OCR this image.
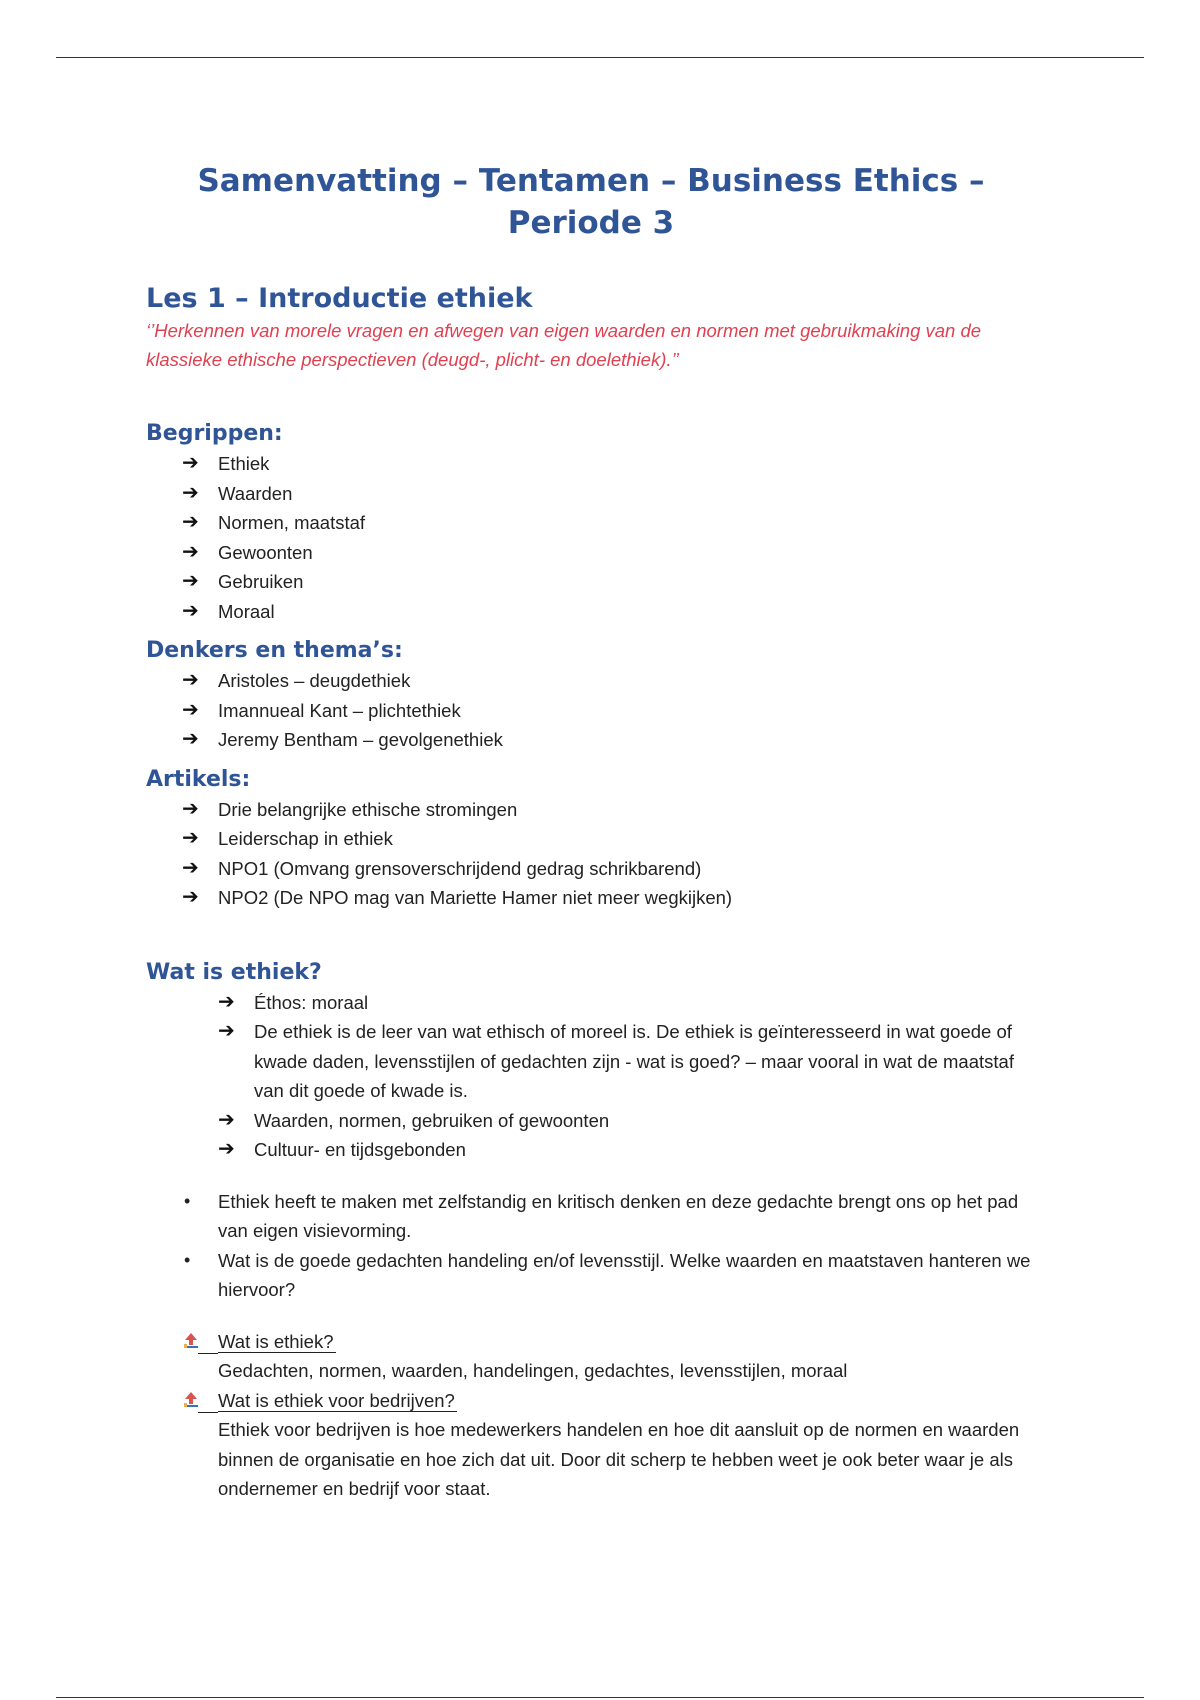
Samenvatting – Tentamen – Business Ethics – Periode 3
Les 1 – Introductie ethiek

‘’Herkennen van morele vragen en afwegen van eigen waarden en normen met gebruikmaking van de klassieke ethische perspectieven (deugd-, plicht- en doelethiek).’’

Begrippen:
➔ Ethiek
➔ Waarden
➔ Normen, maatstaf
➔ Gewoonten
➔ Gebruiken
➔ Moraal
Denkers en thema’s:
➔ Aristoles – deugdethiek
➔ Imannueal Kant – plichtethiek
➔ Jeremy Bentham – gevolgenethiek
Artikels:
➔ Drie belangrijke ethische stromingen
➔ Leiderschap in ethiek
➔ NPO1 (Omvang grensoverschrijdend gedrag schrikbarend)
➔ NPO2 (De NPO mag van Mariette Hamer niet meer wegkijken)
Wat is ethiek?
➔ Éthos: moraal
➔ De ethiek is de leer van wat ethisch of moreel is. De ethiek is geïnteresseerd in wat goede of kwade daden, levensstijlen of gedachten zijn - wat is goed? – maar vooral in wat de maatstaf van dit goede of kwade is.
➔ Waarden, normen, gebruiken of gewoonten
➔ Cultuur- en tijdsgebonden
• Ethiek heeft te maken met zelfstandig en kritisch denken en deze gedachte brengt ons op het pad van eigen visievorming.
• Wat is de goede gedachten handeling en/of levensstijl. Welke waarden en maatstaven hanteren we hiervoor?
Wat is ethiek?
Gedachten, normen, waarden, handelingen, gedachtes, levensstijlen, moraal
Wat is ethiek voor bedrijven?
Ethiek voor bedrijven is hoe medewerkers handelen en hoe dit aansluit op de normen en waarden binnen de organisatie en hoe zich dat uit. Door dit scherp te hebben weet je ook beter waar je als ondernemer en bedrijf voor staat.
